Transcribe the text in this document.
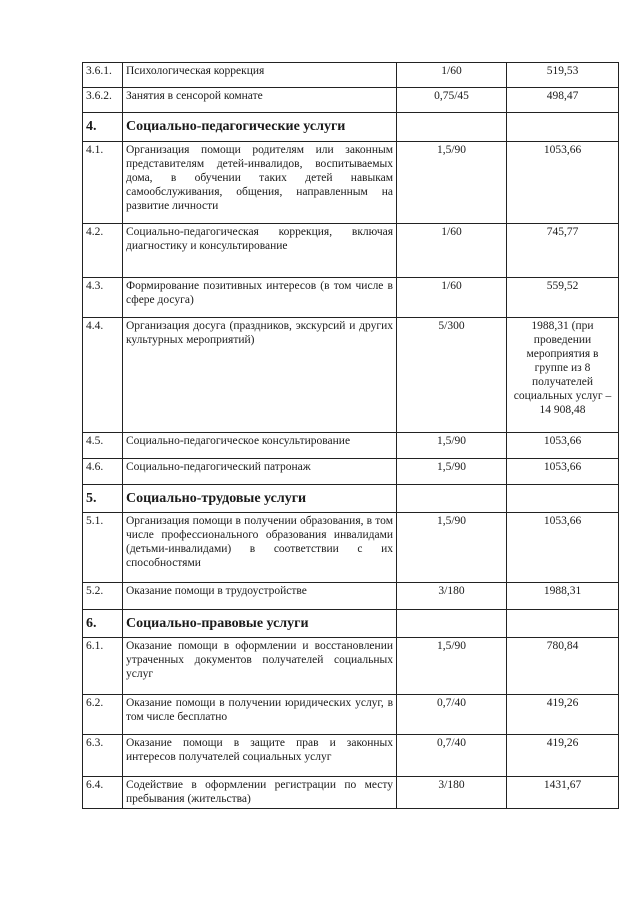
3.6.1.	Психологическая коррекция	1/60	519,53
3.6.2.	Занятия в сенсорой комнате	0,75/45	498,47
4.	Социально-педагогические услуги		
4.1.	Организация помощи родителям или законным представителям детей-инвалидов, воспитываемых дома, в обучении таких детей навыкам самообслуживания, общения, направленным на развитие личности	1,5/90	1053,66
4.2.	Социально-педагогическая коррекция, включая диагностику и консультирование	1/60	745,77
4.3.	Формирование позитивных интересов (в том числе в сфере досуга)	1/60	559,52
4.4.	Организация досуга (праздников, экскурсий и других культурных мероприятий)	5/300	1988,31 (при проведении мероприятия в группе из 8 получателей социальных услуг – 14 908,48
4.5.	Социально-педагогическое консультирование	1,5/90	1053,66
4.6.	Социально-педагогический патронаж	1,5/90	1053,66
5.	Социально-трудовые услуги		
5.1.	Организация помощи в получении образования, в том числе профессионального образования инвалидами (детьми-инвалидами) в соответствии с их способностями	1,5/90	1053,66
5.2.	Оказание помощи в трудоустройстве	3/180	1988,31
6.	Социально-правовые услуги		
6.1.	Оказание помощи в оформлении и восстановлении утраченных документов получателей социальных услуг	1,5/90	780,84
6.2.	Оказание помощи в получении юридических услуг, в том числе бесплатно	0,7/40	419,26
6.3.	Оказание помощи в защите прав и законных интересов получателей социальных услуг	0,7/40	419,26
6.4.	Содействие в оформлении регистрации по месту пребывания (жительства)	3/180	1431,67
